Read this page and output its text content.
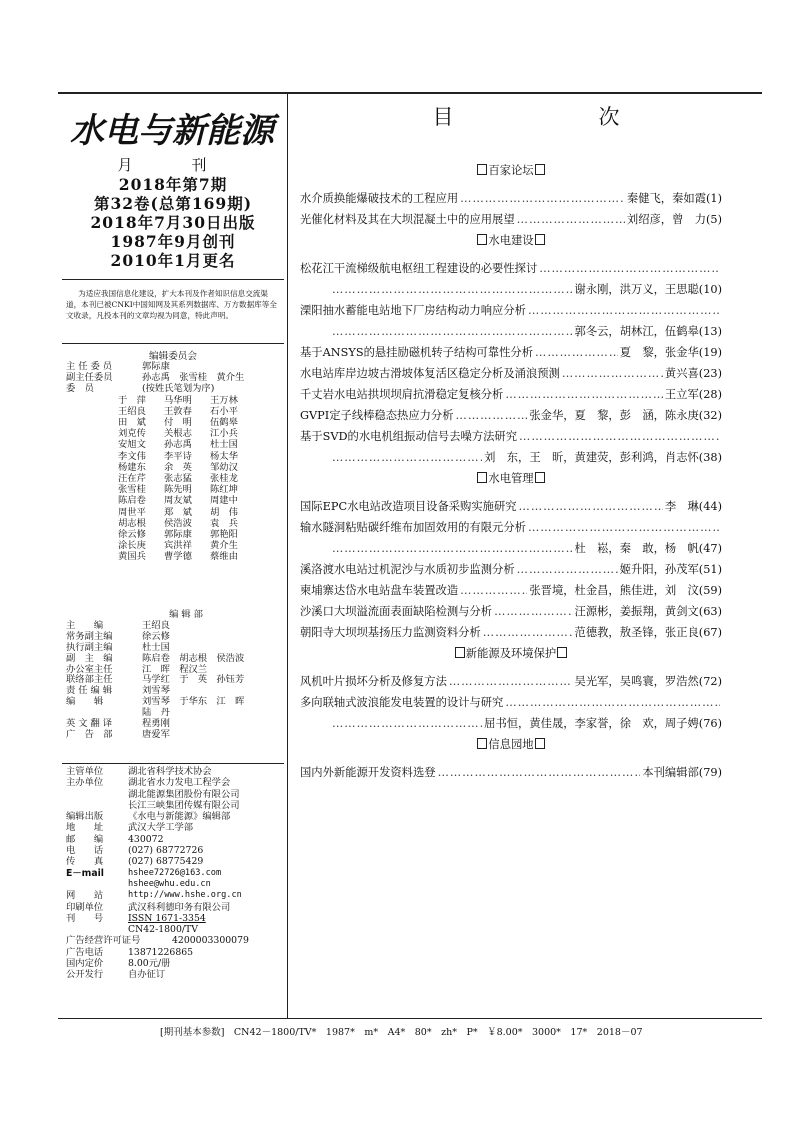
水电与新能源
月　刊
2018年第7期
第32卷(总第169期)
2018年7月30日出版
1987年9月创刊
2010年1月更名
为适应我国信息化建设，扩大本刊及作者知识信息交流渠道，本刊已被CNKI中国知网及其系列数据库、万方数据库等全文收录，凡投本刊的文章均视为同意，特此声明。
编辑委员会
主 任 委 员	郭际康
副主任委员	孙志禹　张雪桂　黄介生
委　员	(按姓氏笔划为序)
于　萍	马华明	王万林
王绍良	王敦春	石小平
田　斌	付　明	伍鹤皋
刘克传	关根志	江小兵
安旭文	孙志禹	杜士国
李文伟	李平诗	杨太华
杨建东	余　英	邹幼汉
汪在芹	张志猛	张桂龙
张雪桂	陈先明	陈红坤
陈启卷	周友斌	周建中
周世平	郑　斌	胡　伟
胡志根	侯浩波	袁　兵
徐云修	郭际康	郭艳阳
涂长庚	宾洪祥	黄介生
黄国兵	曹学德	蔡维由
编 辑 部
主　　编	王绍良
常务副主编	徐云修
执行副主编	杜士国
副　主　编	陈启卷　胡志根　侯浩波
办公室主任	江　晖　程汉兰
联络部主任	马学红　于　英　孙钰芳
责 任 编 辑	刘雪琴
编　　辑	刘雪琴　于华东　江　晖
陆　丹
英 文 翻 译	程勇刚
广　告　部	唐爱军
主管单位	湖北省科学技术协会
主办单位	湖北省水力发电工程学会
湖北能源集团股份有限公司
长江三峡集团传媒有限公司
编辑出版	《水电与新能源》编辑部
地　　址	武汉大学工学部
邮　　编	430072
电　　话	(027) 68772726
传　　真	(027) 68775429
E－mail	hshee72726@163.com
hshee@whu.edu.cn
网　　站	http://www.hshe.org.cn
印刷单位	武汉科利德印务有限公司
刊　　号	ISSN 1671-3354
CN42-1800/TV
广告经营许可证号	4200003300079
广告电话	13871226865
国内定价	8.00元/册
公开发行	自办征订
目　次
百家论坛
水介质换能爆破技术的工程应用 ………………………………………………………………………………………………………………	秦健飞，秦如霞(1)
光催化材料及其在大坝混凝土中的应用展望 ………………………………………………………………………………………………………………	刘绍彦，曾　力(5)
水电建设
松花江干流梯级航电枢纽工程建设的必要性探讨
………………………………………………………………………………………………………………
………………………………………………………………………………………………………………
谢永刚，洪万义，王思聪(10)
溧阳抽水蓄能电站地下厂房结构动力响应分析
………………………………………………………………………………………………………………
………………………………………………………………………………………………………………
郭冬云，胡林江，伍鹤皋(13)
基于ANSYS的悬挂励磁机转子结构可靠性分析 ………………………………………………………………………………………………………………	夏　黎，张金华(19)
水电站库岸边坡古滑坡体复活区稳定分析及涌浪预测 ………………………………………………………………………………………………………………	黄兴喜(23)
千丈岩水电站拱坝坝肩抗滑稳定复核分析 ………………………………………………………………………………………………………………	王立军(28)
GVPI定子线棒稳态热应力分析 ………………………………………………………………………………………………………………	张金华，夏　黎，彭　涵，陈永庚(32)
基于SVD的水电机组振动信号去噪方法研究
………………………………………………………………………………………………………………
………………………………………………………………………………………………………………
刘　东，王　昕，黄建荧，彭利鸿，肖志怀(38)
水电管理
国际EPC水电站改造项目设备采购实施研究 ………………………………………………………………………………………………………………	李　琳(44)
输水隧洞粘贴碳纤维布加固效用的有限元分析
………………………………………………………………………………………………………………
………………………………………………………………………………………………………………
杜　崧，秦　敢，杨　帆(47)
溪洛渡水电站过机泥沙与水质初步监测分析 ………………………………………………………………………………………………………………	姬升阳，孙茂军(51)
柬埔寨达岱水电站盘车装置改造 ………………………………………………………………………………………………………………	张晋境，杜金昌，熊佳进，刘　汶(59)
沙溪口大坝溢流面表面缺陷检测与分析 ………………………………………………………………………………………………………………	汪源彬，姜振翔，黄剑文(63)
朝阳寺大坝坝基扬压力监测资料分析 ………………………………………………………………………………………………………………	范德教，敖圣锋，张正良(67)
新能源及环境保护
风机叶片损坏分析及修复方法 ………………………………………………………………………………………………………………	吴光军，吴鸣寰，罗浩然(72)
多向联轴式波浪能发电装置的设计与研究
………………………………………………………………………………………………………………
………………………………………………………………………………………………………………
屈书恒，黄佳晟，李家誉，徐　欢，周子娉(76)
信息园地
国内外新能源开发资料选登 ………………………………………………………………………………………………………………	本刊编辑部(79)
[期刊基本参数]　CN42－1800/TV*　1987*　m*　A4*　80*　zh*　P*　￥8.00*　3000*　17*　2018－07
